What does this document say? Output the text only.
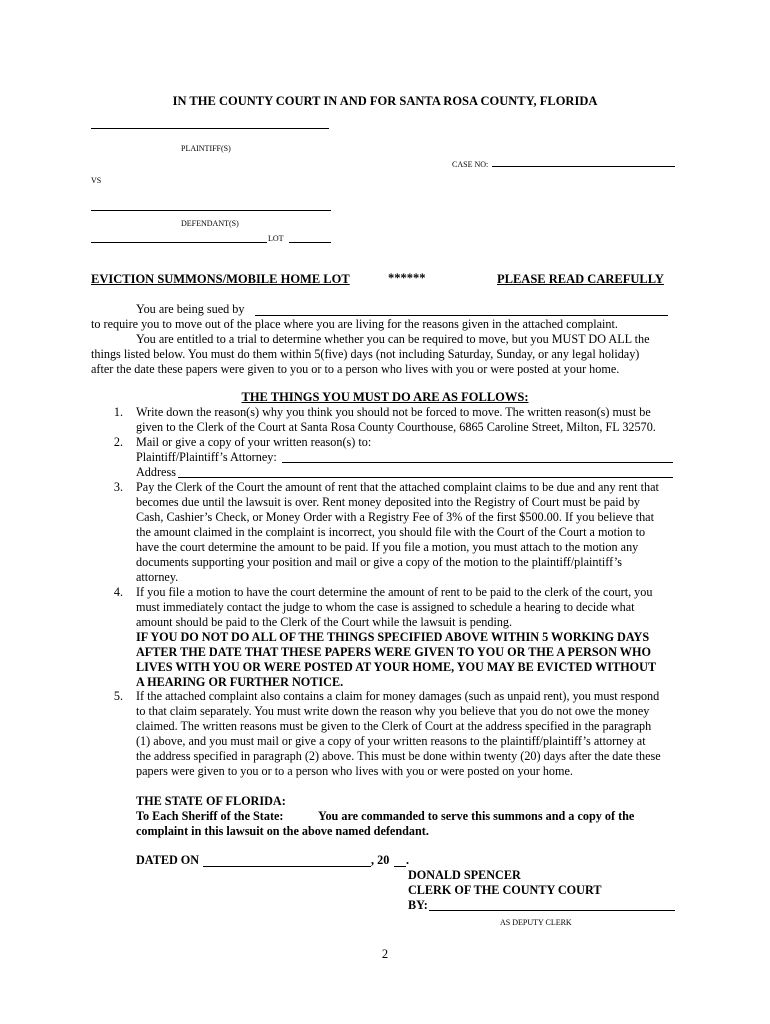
IN THE COUNTY COURT IN AND FOR SANTA ROSA COUNTY, FLORIDA
PLAINTIFF(S)
CASE NO:
VS
DEFENDANT(S)
LOT
EVICTION SUMMONS/MOBILE HOME LOT	******	PLEASE READ CAREFULLY
You are being sued by
to require you to move out of the place where you are living for the reasons given in the attached complaint.
You are entitled to a trial to determine whether you can be required to move, but you MUST DO ALL the
things listed below. You must do them within 5(five) days (not including Saturday, Sunday, or any legal holiday)
after the date these papers were given to you or to a person who lives with you or were posted at your home.
THE THINGS YOU MUST DO ARE AS FOLLOWS:
1. Write down the reason(s) why you think you should not be forced to move. The written reason(s) must be
given to the Clerk of the Court at Santa Rosa County Courthouse, 6865 Caroline Street, Milton, FL 32570.
2. Mail or give a copy of your written reason(s) to:
Plaintiff/Plaintiff’s Attorney:
Address
3. Pay the Clerk of the Court the amount of rent that the attached complaint claims to be due and any rent that
becomes due until the lawsuit is over. Rent money deposited into the Registry of Court must be paid by
Cash, Cashier’s Check, or Money Order with a Registry Fee of 3% of the first $500.00. If you believe that
the amount claimed in the complaint is incorrect, you should file with the Court of the Court a motion to
have the court determine the amount to be paid. If you file a motion, you must attach to the motion any
documents supporting your position and mail or give a copy of the motion to the plaintiff/plaintiff’s
attorney.
4. If you file a motion to have the court determine the amount of rent to be paid to the clerk of the court, you
must immediately contact the judge to whom the case is assigned to schedule a hearing to decide what
amount should be paid to the Clerk of the Court while the lawsuit is pending.
IF YOU DO NOT DO ALL OF THE THINGS SPECIFIED ABOVE WITHIN 5 WORKING DAYS
AFTER THE DATE THAT THESE PAPERS WERE GIVEN TO YOU OR THE A PERSON WHO
LIVES WITH YOU OR WERE POSTED AT YOUR HOME, YOU MAY BE EVICTED WITHOUT
A HEARING OR FURTHER NOTICE.
5. If the attached complaint also contains a claim for money damages (such as unpaid rent), you must respond
to that claim separately. You must write down the reason why you believe that you do not owe the money
claimed. The written reasons must be given to the Clerk of Court at the address specified in the paragraph
(1) above, and you must mail or give a copy of your written reasons to the plaintiff/plaintiff’s attorney at
the address specified in paragraph (2) above. This must be done within twenty (20) days after the date these
papers were given to you or to a person who lives with you or were posted on your home.
THE STATE OF FLORIDA:
To Each Sheriff of the State:	You are commanded to serve this summons and a copy of the
complaint in this lawsuit on the above named defendant.
DATED ON	, 20 .
DONALD SPENCER
CLERK OF THE COUNTY COURT
BY:
AS DEPUTY CLERK
2
